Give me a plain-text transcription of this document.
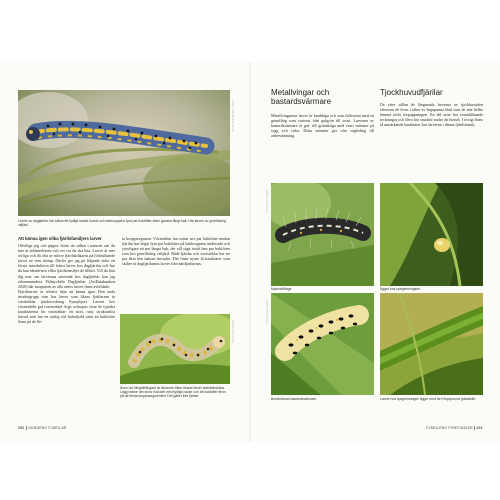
FOTO: Göran Holmström
Larver av dagfjärilar har sällan ett tydligt avsatt huvud och bakkroppens fyra par bukfötter sitter ganska långt bak. Här larven av grönfläckig vitfjäril.
Att känna igen olika fjärilsfamiljers larver
Oftsfliga jag och pippor hittar du sällan i naturen om du inte är målmedveten och vet var du ska leta. Larver är mer rörliga och då ofta av mörre fjärilskråkarns på födosökande larver av rens slump. Därför ger jag på följande sidor en första introduktion till fränst larver hos dagfjärilar och hur du kan identifiera vilka fjärilsfamiljer de tillhör. Vill du lära dig mer om larvernas utseende hos dagfjärilar kan jag rekommendera Fältnyckeln Dagfjärilar (ArtDatabanken 2020) där morparten av alla arters larver finns avbildade.
Fjärilslarver är relativt lätta att känna igen. Den enda insektsgrupp som har larver som liknar fjärilarnas är växtsteklar (underordning Symphyta). Larven hos växtstekeln gul rosenstekel Arge ochropus visar de typiska karaktärerna för växtsteklar: ett stort, runt, strukturlöst huvud som har en synlig röd halsskydd samt att bukfötter finns på de fle-
ta kroppssegment. Växtsteklar har minst sex par bukfötter medan fjärilar har högst fyra par bukfötter på bakkroppens undersida och ytterligare ett par längst bak, det vill säga totalt fem par bukfötter som hos grönfläckig vitfjäril. Både fjärilar och växtsteklar har tre par äkta ben bakom huvudet. Det finns nyare få karaktärer som skiljer ut dagfjärilarnas larver från nattfjärilarnas.
FOTO: Holmström
Även om fångstfrångare är liknande fötter ibland larver stabilsärskäns. Lägg märke det stora huvudet med tydligt nacke och att bukfötter finns på de flesta kroppssegmenten! Det gäller inte fjärilar.
200 NORDENS FJÄRILAR
Metallvingar och bastardsvärmare
Tjockhuvudfjärilar
Metallvingarnas larver är knubbiga och som fullvuxna med en grundfärg som varierar från gulgrön till svart. Larverna av bastardsvärmare är gul- till grönaktiga med svart mönster på rygg och sidor. Detta mönster ger ofta väglednig till artbestämning.
De yttre sällan de långsmala larverna av tjockhuvuden eftersom de lever i tuber av hopspunna blad som de inte heller lämnar inför förpuppningen. En del arter har svensklikande teckningar och flera har smalare nacke än huvud. I övrigt finns få utmärkande karaktärer hos larverna i denna fjärilsfamilj.
FOTO: Holmström
FOTO: Holmström
Mysinvillänge.	Ägget hos spegelmungsen.
Bredbrämad bastardsvärmare.	Larver hos spegelmungen ligger med det Hopspunna grässtråd.
FJÄRILENS FÖRSTADIER 201
